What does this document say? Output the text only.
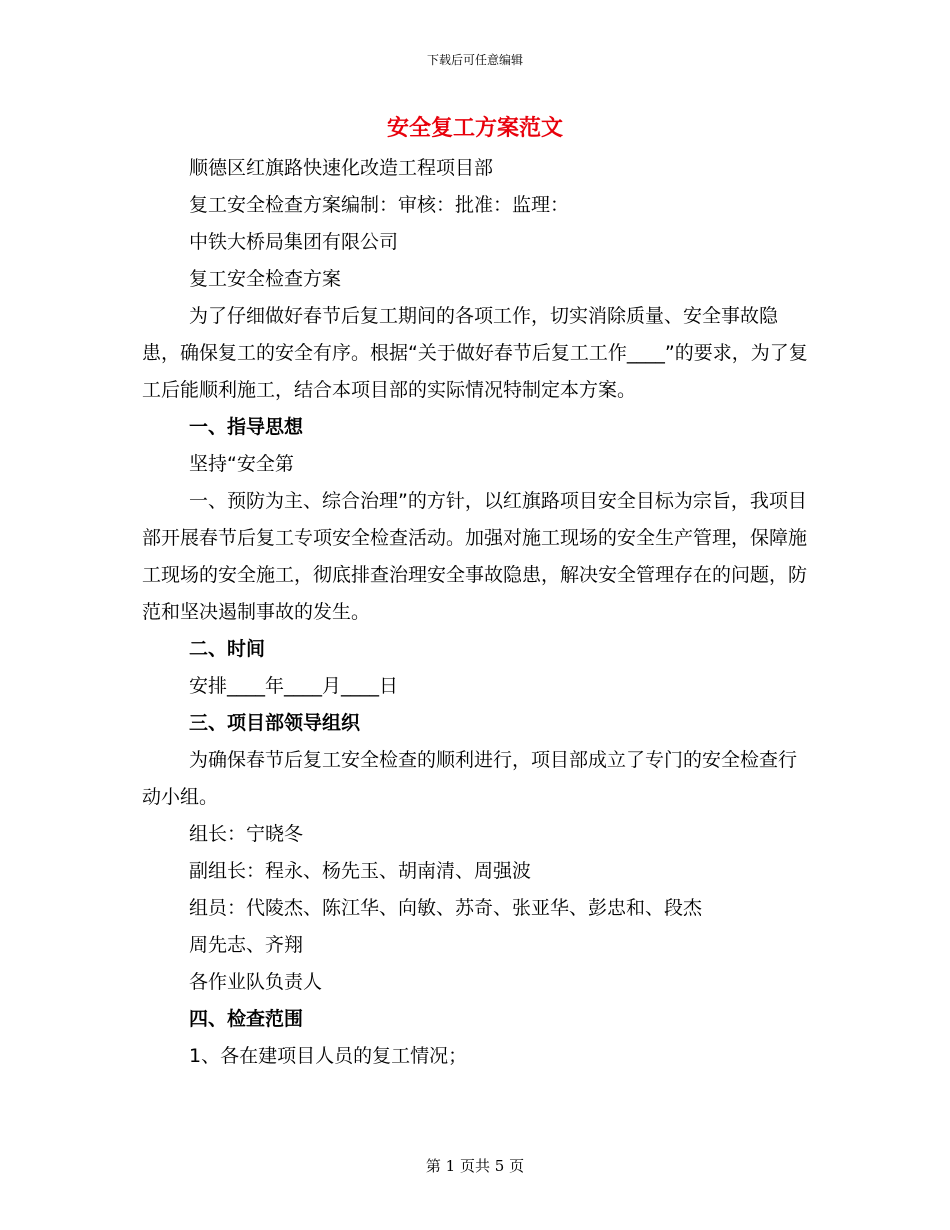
下载后可任意编辑
安全复工方案范文

顺德区红旗路快速化改造工程项目部

复工安全检查方案编制：审核：批准：监理：

中铁大桥局集团有限公司

复工安全检查方案

为了仔细做好春节后复工期间的各项工作，切实消除质量、安全事故隐患，确保复工的安全有序。根据“关于做好春节后复工工作____”的要求，为了复工后能顺利施工，结合本项目部的实际情况特制定本方案。

一、指导思想

坚持“安全第

一、预防为主、综合治理”的方针，以红旗路项目安全目标为宗旨，我项目部开展春节后复工专项安全检查活动。加强对施工现场的安全生产管理，保障施工现场的安全施工，彻底排查治理安全事故隐患，解决安全管理存在的问题，防范和坚决遏制事故的发生。

二、时间

安排____年____月____日

三、项目部领导组织

为确保春节后复工安全检查的顺利进行，项目部成立了专门的安全检查行动小组。

组长：宁晓冬

副组长：程永、杨先玉、胡南清、周强波

组员：代陵杰、陈江华、向敏、苏奇、张亚华、彭忠和、段杰

周先志、齐翔

各作业队负责人

四、检查范围

1、各在建项目人员的复工情况；

第 1 页共 5 页
